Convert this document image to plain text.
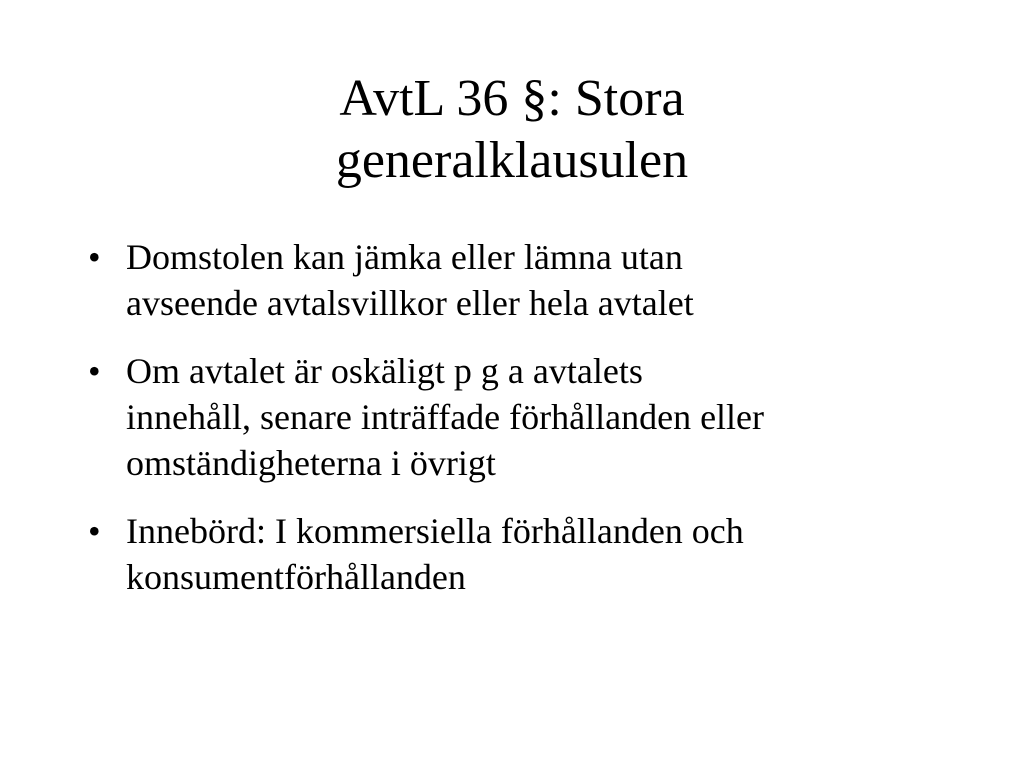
AvtL 36 §: Stora
generalklausulen
• Domstolen kan jämka eller lämna utan
avseende avtalsvillkor eller hela avtalet
• Om avtalet är oskäligt p g a avtalets
innehåll, senare inträffade förhållanden eller
omständigheterna i övrigt
• Innebörd: I kommersiella förhållanden och
konsumentförhållanden
